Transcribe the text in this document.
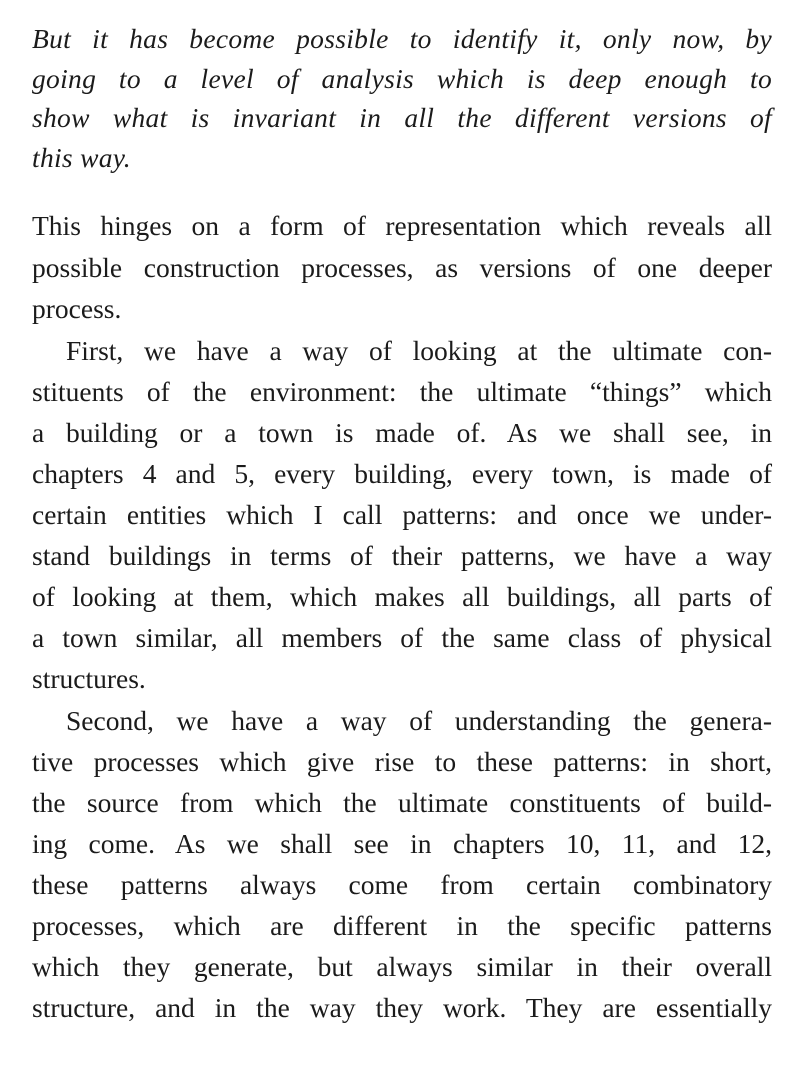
But it has become possible to identify it, only now, by

going to a level of analysis which is deep enough to

show what is invariant in all the different versions of

this way.

This hinges on a form of representation which reveals all

possible construction processes, as versions of one deeper

process.

First, we have a way of looking at the ultimate con-

stituents of the environment: the ultimate “things” which

a building or a town is made of. As we shall see, in

chapters 4 and 5, every building, every town, is made of

certain entities which I call patterns: and once we under-

stand buildings in terms of their patterns, we have a way

of looking at them, which makes all buildings, all parts of

a town similar, all members of the same class of physical

structures.

Second, we have a way of understanding the genera-

tive processes which give rise to these patterns: in short,

the source from which the ultimate constituents of build-

ing come. As we shall see in chapters 10, 11, and 12,

these patterns always come from certain combinatory

processes, which are different in the specific patterns

which they generate, but always similar in their overall

structure, and in the way they work. They are essentially
